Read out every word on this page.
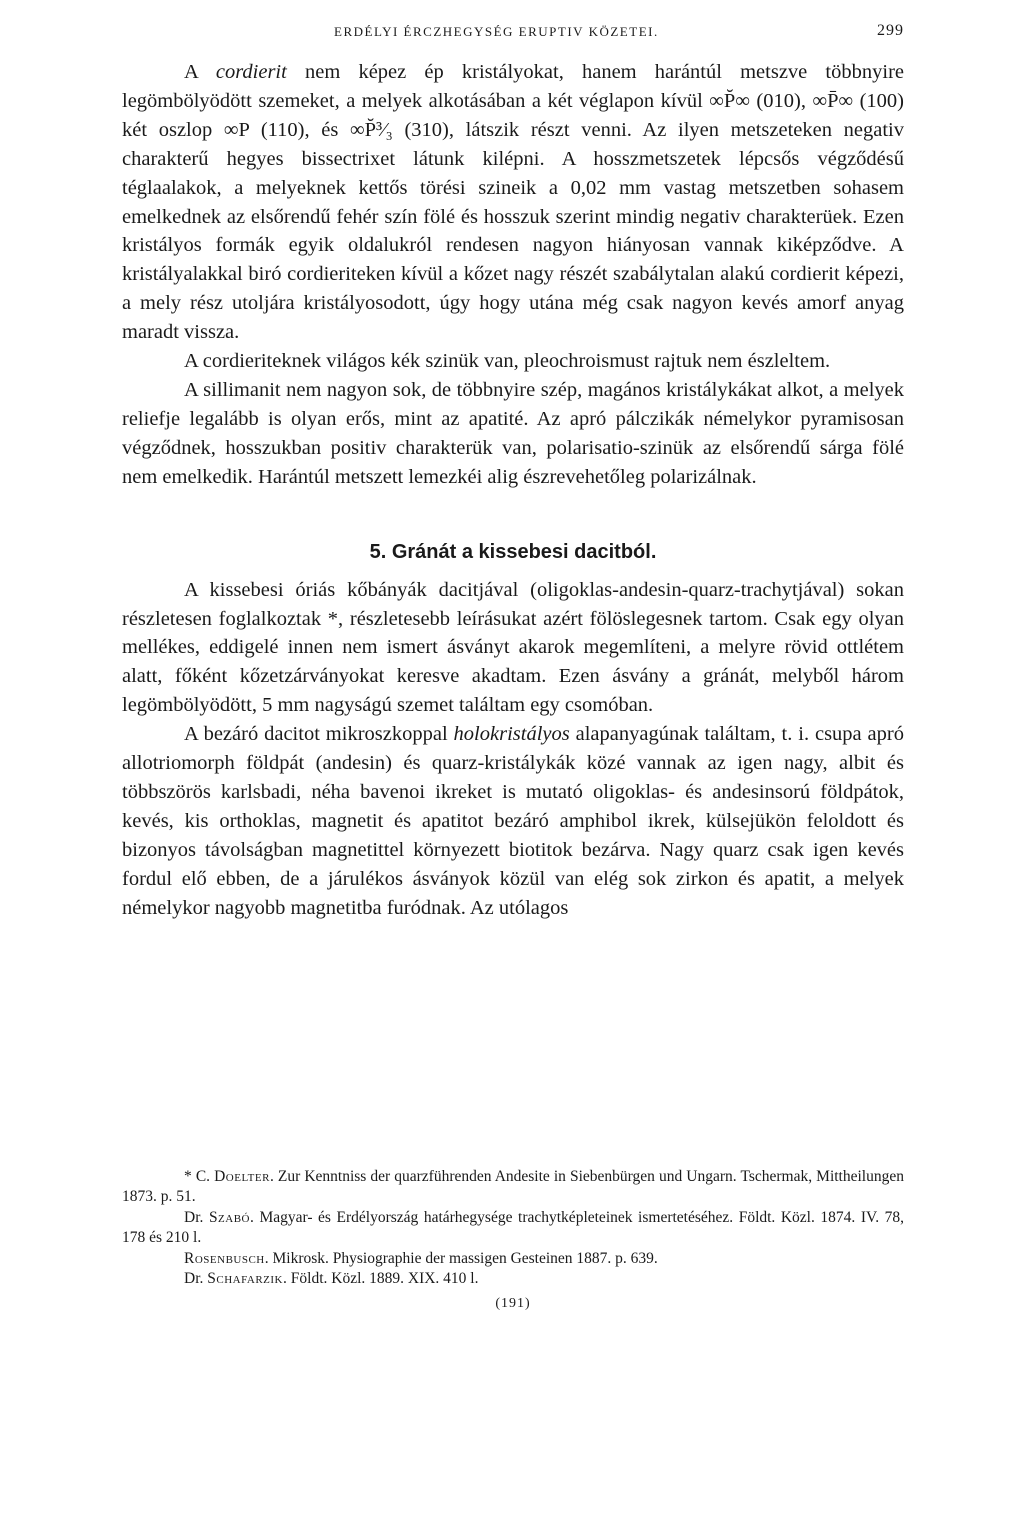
ERDÉLYI ÉRCZHEGYSÉG ERUPTIV KÖZETEI.	299

A cordierit nem képez ép kristályokat, hanem harántúl metszve többnyire legömbölyödött szemeket, a melyek alkotásában a két véglapon kívül ∞P̆∞ (010), ∞P̄∞ (100) két oszlop ∞P (110), és ∞P̆³⁄₃ (310), látszik részt venni. Az ilyen metszeteken negativ charakterű hegyes bissectrixet látunk kilépni. A hosszmetszetek lépcsős végződésű téglaalakok, a melyeknek kettős törési szineik a 0,02 mm vastag metszetben sohasem emelkednek az elsőrendű fehér szín fölé és hosszuk szerint mindig negativ charakterüek. Ezen kristályos formák egyik oldalukról rendesen nagyon hiányosan vannak kiképződve. A kristályalakkal biró cordieriteken kívül a kőzet nagy részét szabálytalan alakú cordierit képezi, a mely rész utoljára kristályosodott, úgy hogy utána még csak nagyon kevés amorf anyag maradt vissza.

A cordieriteknek világos kék szinük van, pleochroismust rajtuk nem észleltem.

A sillimanit nem nagyon sok, de többnyire szép, magános kristálykákat alkot, a melyek reliefje legalább is olyan erős, mint az apatité. Az apró pálczikák némelykor pyramisosan végződnek, hosszukban positiv charakterük van, polarisatio-szinük az elsőrendű sárga fölé nem emelkedik. Harántúl metszett lemezkéi alig észrevehetőleg polarizálnak.

5. Gránát a kissebesi dacitból.

A kissebesi óriás kőbányák dacitjával (oligoklas-andesin-quarz-trachytjával) sokan részletesen foglalkoztak *, részletesebb leírásukat azért fölöslegesnek tartom. Csak egy olyan mellékes, eddigelé innen nem ismert ásványt akarok megemlíteni, a melyre rövid ottlétem alatt, főként kőzetzárványokat keresve akadtam. Ezen ásvány a gránát, melyből három legömbölyödött, 5 mm nagyságú szemet találtam egy csomóban.

A bezáró dacitot mikroszkoppal holokristályos alapanyagúnak találtam, t. i. csupa apró allotriomorph földpát (andesin) és quarz-kristálykák közé vannak az igen nagy, albit és többszörös karlsbadi, néha bavenoi ikreket is mutató oligoklas- és andesinsorú földpátok, kevés, kis orthoklas, magnetit és apatitot bezáró amphibol ikrek, külsejükön feloldott és bizonyos távolságban magnetittel környezett biotitok bezárva. Nagy quarz csak igen kevés fordul elő ebben, de a járulékos ásványok közül van elég sok zirkon és apatit, a melyek némelykor nagyobb magnetitba furódnak. Az utólagos

* C. Doelter. Zur Kenntniss der quarzführenden Andesite in Siebenbürgen und Ungarn. Tschermak, Mittheilungen 1873. p. 51.

Dr. Szabó. Magyar- és Erdélyország határhegysége trachytképleteinek ismertetéséhez. Földt. Közl. 1874. IV. 78, 178 és 210 l.

Rosenbusch. Mikrosk. Physiographie der massigen Gesteinen 1887. p. 639.

Dr. Schafarzik. Földt. Közl. 1889. XIX. 410 l.

(191)
